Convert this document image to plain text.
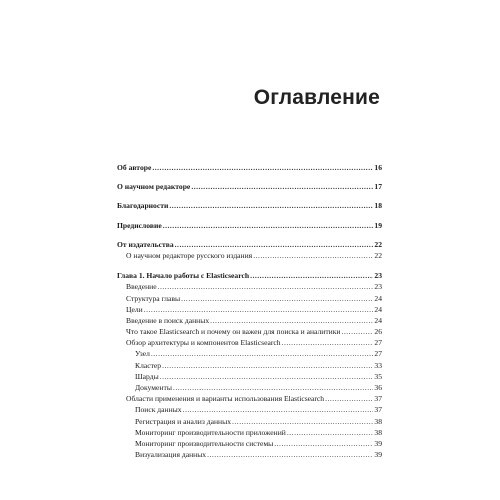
Оглавление
Об авторе .....	16
О научном редакторе .....	17
Благодарности .....	18
Предисловие .....	19
От издательства .....	22
О научном редакторе русского издания .....	22
Глава 1. Начало работы с Elasticsearch .....	23
Введение .....	23
Структура главы .....	24
Цели .....	24
Введение в поиск данных .....	24
Что такое Elasticsearch и почему он важен для поиска и аналитики .....	26
Обзор архитектуры и компонентов Elasticsearch .....	27
Узел .....	27
Кластер .....	33
Шарды .....	35
Документы .....	36
Области применения и варианты использования Elasticsearch .....	37
Поиск данных .....	37
Регистрация и анализ данных .....	38
Мониторинг производительности приложений .....	38
Мониторинг производительности системы .....	39
Визуализация данных .....	39
